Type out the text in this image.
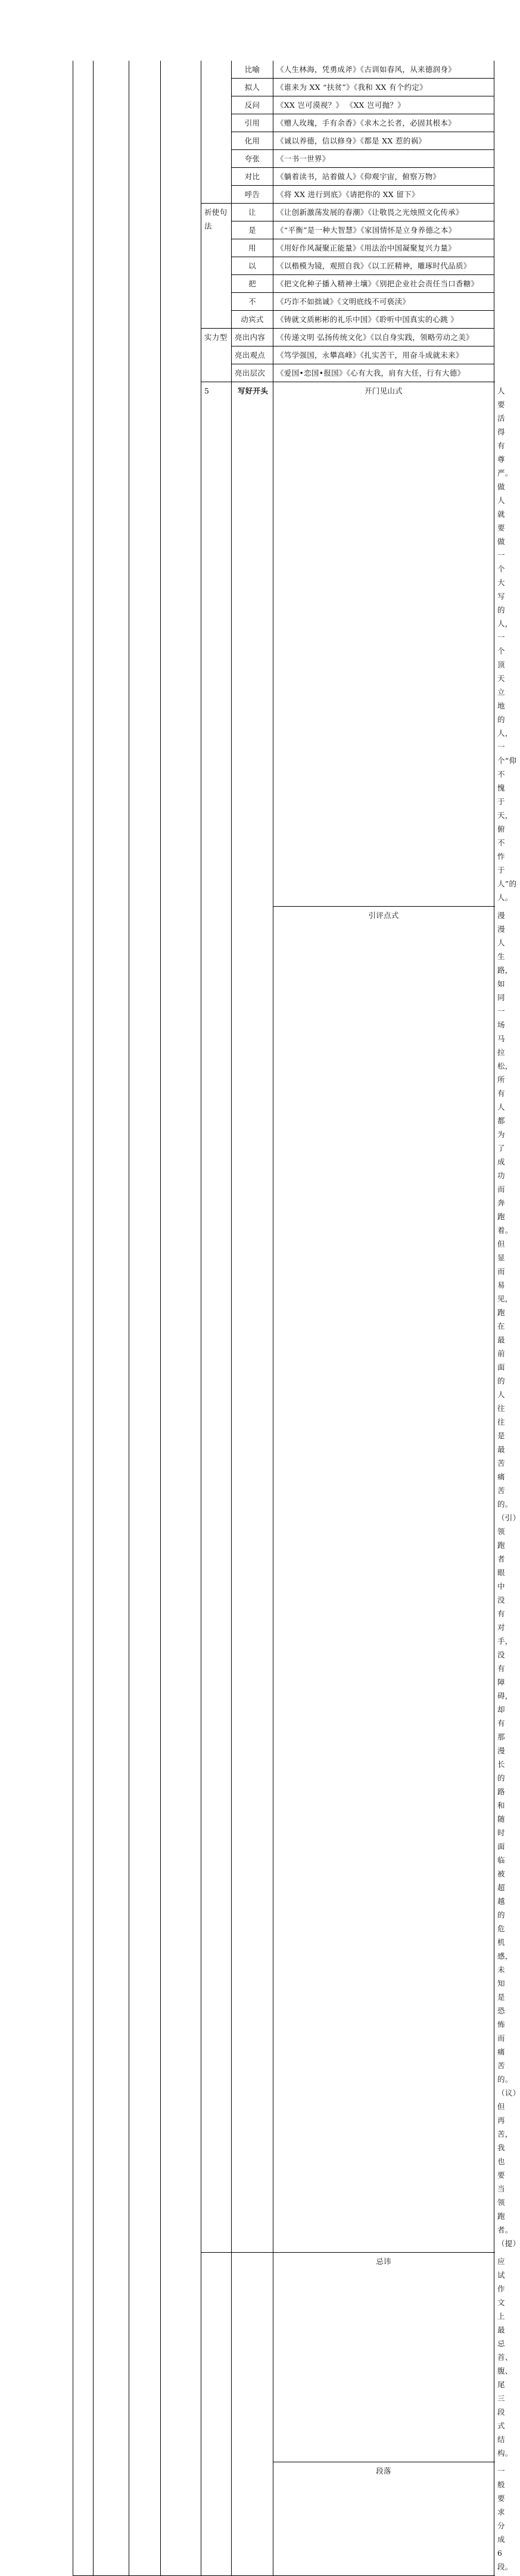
					比喻	《人生林海，凭勇成斧》《古训如春风，从来德润身》	
					拟人	《谁来为 XX “扶贫”》《我和 XX 有个约定》	
					反问	《XX 岂可漠视？》 《XX 岂可抛？》	
					引用	《赠人玫瑰，手有余香》《求木之长者，必固其根本》	
					化用	《诚以养德，信以修身》《都是 XX 惹的祸》	
					夸张	《一书一世界》	
					对比	《躺着读书，站着做人》《仰观宇宙，俯察万物》	
					呼告	《将 XX 进行到底》《请把你的 XX 留下》	
				祈使句法	让	《让创新激荡发展的春潮》《让敬畏之光烛照文化传承》	
					是	《“平衡”是一种大智慧》《家国情怀是立身养德之本》	
					用	《用好作风凝聚正能量》《用法治中国凝聚复兴力量》	
					以	《以楷模为镜，观照自我》《以工匠精神，雕琢时代品质》	
					把	《把文化种子播入精神土壤》《别把企业社会责任当口香糖》	
					不	《巧诈不如拙诚》《文明底线不可亵渎》	
					动宾式	《铸就文质彬彬的礼乐中国》《聆听中国真实的心跳 》	
				实力型	亮出内容	《传递文明 弘扬传统文化》《以自身实践，领略劳动之美》	
					亮出观点	《笃学强国，永攀高峰》《扎实苦干，用奋斗成就未来》	
					亮出层次	《爱国•恋国•报国》《心有大我，肩有大任，行有大德》	
				5	写好开头	开门见山式	人要活得有尊严。做人就要做一个大写的人，一个顶天立地的人，一个“仰不愧于天，俯不怍于人”的人。
						引评点式	漫漫人生路，如同一场马拉松，所有人都为了成功而奔跑着。但显而易见，跑在最前面的人往往是最苦痛苦的。（引）领跑者眼中没有对手，没有障碍，却有那漫长的路和随时面临被超越的危机感，未知是恐怖而痛苦的。（议）但再苦，我也要当领跑者。（提）
						忌讳	应试作文上最忌首、腹、尾三段式结构。
						段落	一般要求分成 6 段。
